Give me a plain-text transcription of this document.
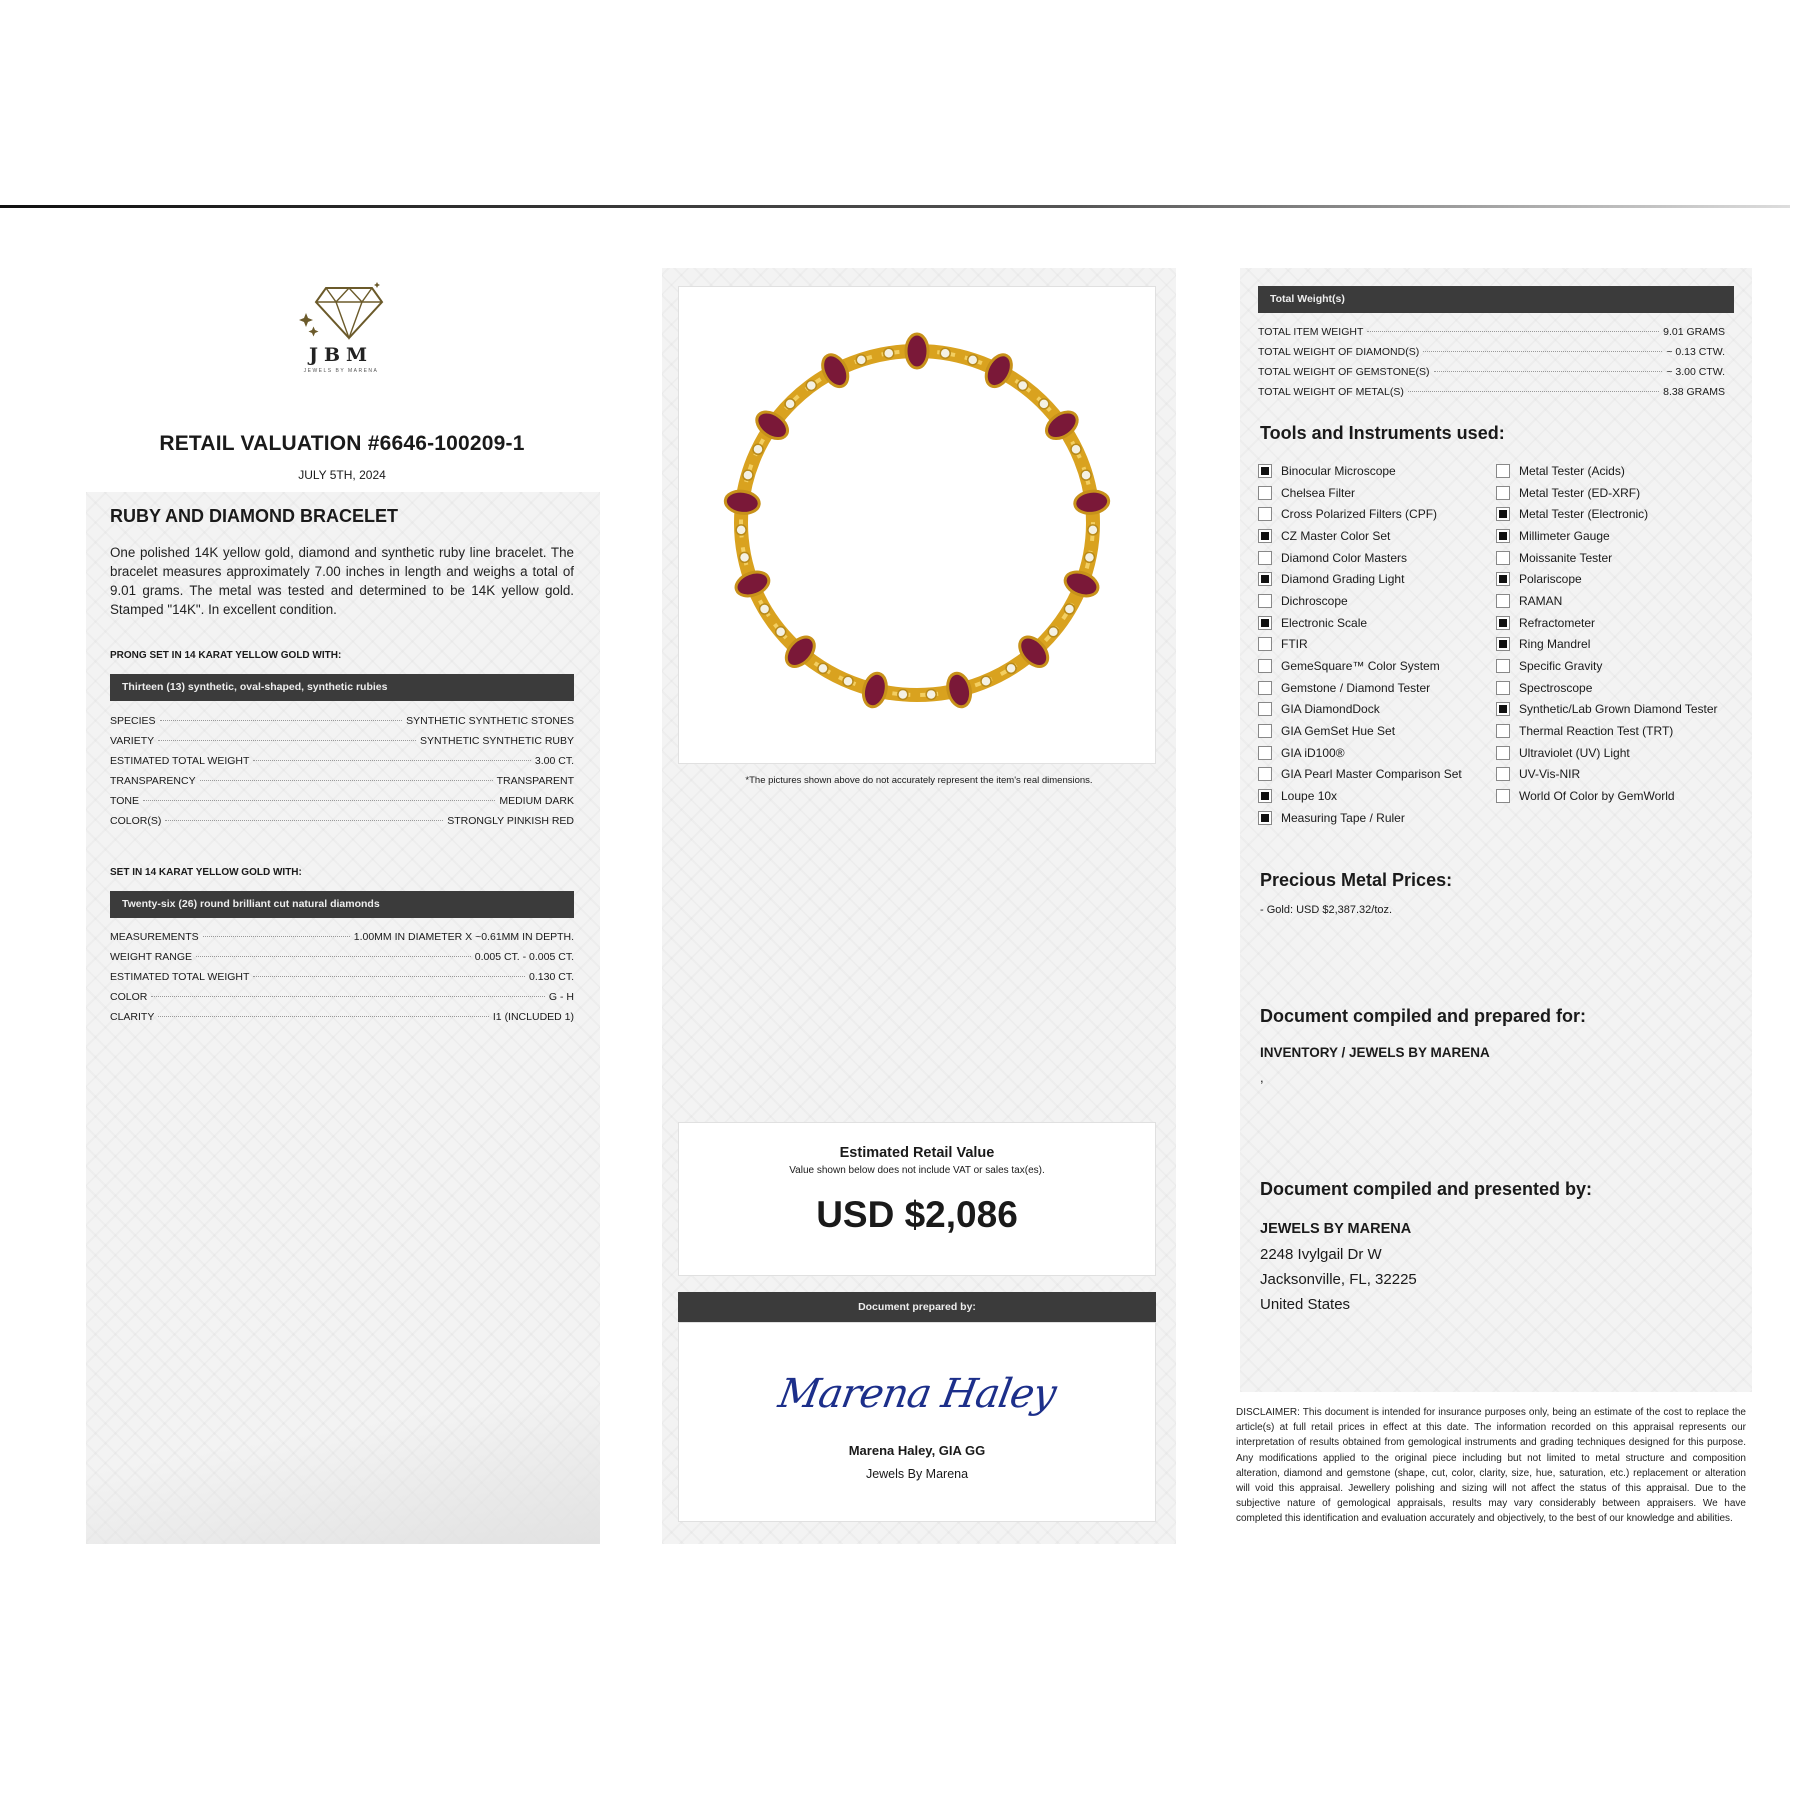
JBM
JEWELS BY MARENA
RETAIL VALUATION #6646-100209-1
JULY 5TH, 2024
RUBY AND DIAMOND BRACELET
One polished 14K yellow gold, diamond and synthetic ruby line bracelet. The bracelet measures approximately 7.00 inches in length and weighs a total of 9.01 grams. The metal was tested and determined to be 14K yellow gold. Stamped "14K". In excellent condition.
PRONG SET IN 14 KARAT YELLOW GOLD WITH:
Thirteen (13) synthetic, oval-shaped, synthetic rubies
SPECIES	SYNTHETIC SYNTHETIC STONES
VARIETY	SYNTHETIC SYNTHETIC RUBY
ESTIMATED TOTAL WEIGHT	3.00 CT.
TRANSPARENCY	TRANSPARENT
TONE	MEDIUM DARK
COLOR(S)	STRONGLY PINKISH RED
SET IN 14 KARAT YELLOW GOLD WITH:
Twenty-six (26) round brilliant cut natural diamonds
MEASUREMENTS	1.00MM IN DIAMETER X ~0.61MM IN DEPTH.
WEIGHT RANGE	0.005 CT. - 0.005 CT.
ESTIMATED TOTAL WEIGHT	0.130 CT.
COLOR	G - H
CLARITY	I1 (INCLUDED 1)
*The pictures shown above do not accurately represent the item's real dimensions.
Estimated Retail Value
Value shown below does not include VAT or sales tax(es).
USD $2,086
Document prepared by:
Marena Haley
Marena Haley, GIA GG
Jewels By Marena
Total Weight(s)
TOTAL ITEM WEIGHT	9.01 GRAMS
TOTAL WEIGHT OF DIAMOND(S)	~ 0.13 CTW.
TOTAL WEIGHT OF GEMSTONE(S)	~ 3.00 CTW.
TOTAL WEIGHT OF METAL(S)	8.38 GRAMS
Tools and Instruments used:
Binocular Microscope
Chelsea Filter
Cross Polarized Filters (CPF)
CZ Master Color Set
Diamond Color Masters
Diamond Grading Light
Dichroscope
Electronic Scale
FTIR
GemeSquare™ Color System
Gemstone / Diamond Tester
GIA DiamondDock
GIA GemSet Hue Set
GIA iD100®
GIA Pearl Master Comparison Set
Loupe 10x
Measuring Tape / Ruler
Metal Tester (Acids)
Metal Tester (ED-XRF)
Metal Tester (Electronic)
Millimeter Gauge
Moissanite Tester
Polariscope
RAMAN
Refractometer
Ring Mandrel
Specific Gravity
Spectroscope
Synthetic/Lab Grown Diamond Tester
Thermal Reaction Test (TRT)
Ultraviolet (UV) Light
UV-Vis-NIR
World Of Color by GemWorld
Precious Metal Prices:
- Gold: USD $2,387.32/toz.
Document compiled and prepared for:
INVENTORY / JEWELS BY MARENA
,
Document compiled and presented by:
JEWELS BY MARENA
2248 Ivylgail Dr W
Jacksonville, FL, 32225
United States
DISCLAIMER: This document is intended for insurance purposes only, being an estimate of the cost to replace the article(s) at full retail prices in effect at this date. The information recorded on this appraisal represents our interpretation of results obtained from gemological instruments and grading techniques designed for this purpose. Any modifications applied to the original piece including but not limited to metal structure and composition alteration, diamond and gemstone (shape, cut, color, clarity, size, hue, saturation, etc.) replacement or alteration will void this appraisal. Jewellery polishing and sizing will not affect the status of this appraisal. Due to the subjective nature of gemological appraisals, results may vary considerably between appraisers. We have completed this identification and evaluation accurately and objectively, to the best of our knowledge and abilities.
